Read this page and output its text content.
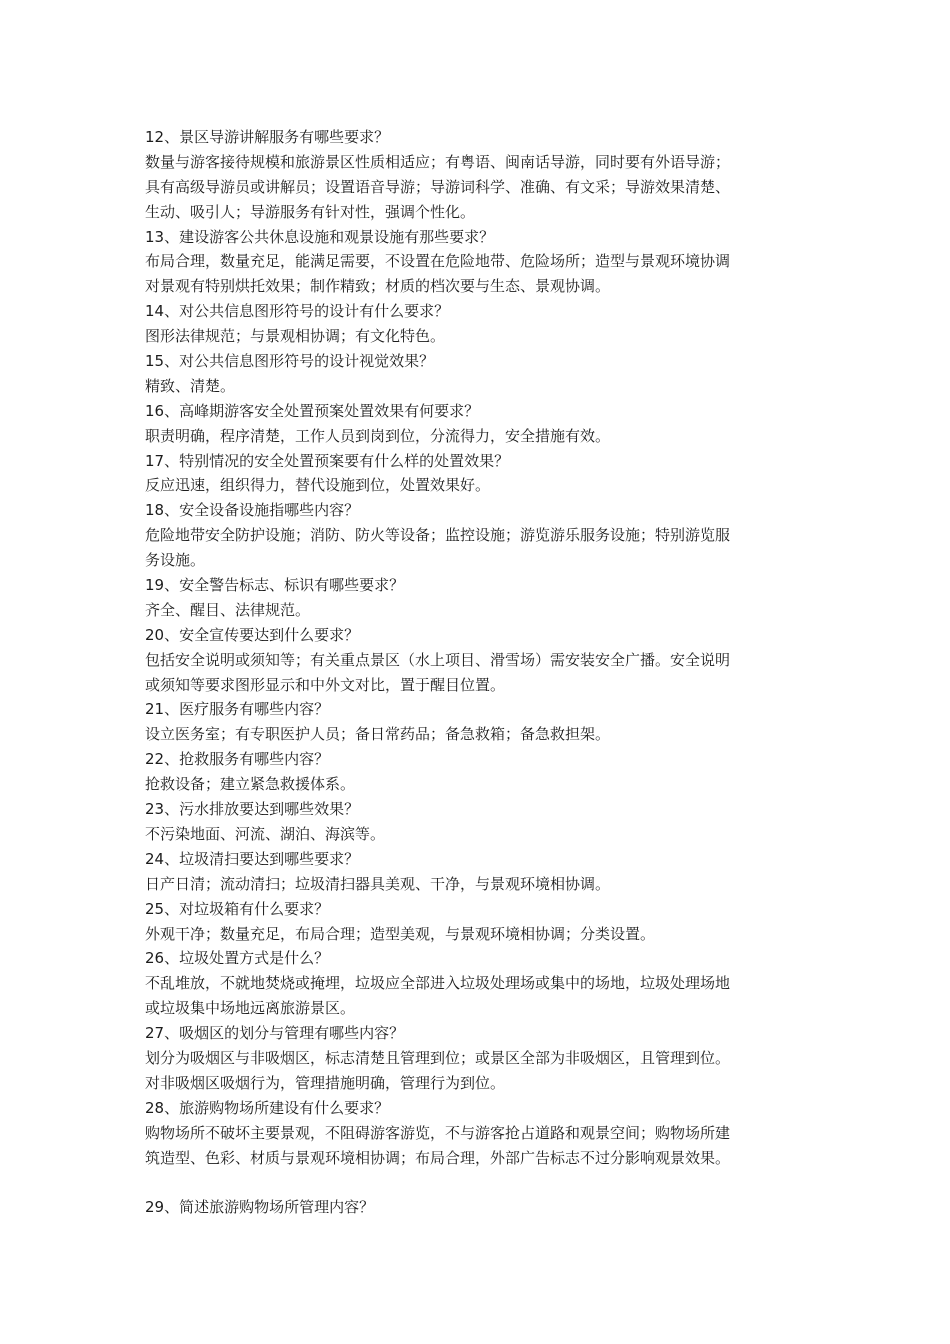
12、景区导游讲解服务有哪些要求？
数量与游客接待规模和旅游景区性质相适应；有粤语、闽南话导游，同时要有外语导游；
具有高级导游员或讲解员；设置语音导游；导游词科学、准确、有文采；导游效果清楚、
生动、吸引人；导游服务有针对性，强调个性化。
13、建设游客公共休息设施和观景设施有那些要求？
布局合理，数量充足，能满足需要，不设置在危险地带、危险场所；造型与景观环境协调
对景观有特别烘托效果；制作精致；材质的档次要与生态、景观协调。
14、对公共信息图形符号的设计有什么要求？
图形法律规范；与景观相协调；有文化特色。
15、对公共信息图形符号的设计视觉效果？
精致、清楚。
16、高峰期游客安全处置预案处置效果有何要求？
职责明确，程序清楚，工作人员到岗到位，分流得力，安全措施有效。
17、特别情况的安全处置预案要有什么样的处置效果？
反应迅速，组织得力，替代设施到位，处置效果好。
18、安全设备设施指哪些内容？
危险地带安全防护设施；消防、防火等设备；监控设施；游览游乐服务设施；特别游览服
务设施。
19、安全警告标志、标识有哪些要求？
齐全、醒目、法律规范。
20、安全宣传要达到什么要求？
包括安全说明或须知等；有关重点景区（水上项目、滑雪场）需安装安全广播。安全说明
或须知等要求图形显示和中外文对比，置于醒目位置。
21、医疗服务有哪些内容？
设立医务室；有专职医护人员；备日常药品；备急救箱；备急救担架。
22、抢救服务有哪些内容？
抢救设备；建立紧急救援体系。
23、污水排放要达到哪些效果？
不污染地面、河流、湖泊、海滨等。
24、垃圾清扫要达到哪些要求？
日产日清；流动清扫；垃圾清扫器具美观、干净，与景观环境相协调。
25、对垃圾箱有什么要求？
外观干净；数量充足，布局合理；造型美观，与景观环境相协调；分类设置。
26、垃圾处置方式是什么？
不乱堆放，不就地焚烧或掩埋，垃圾应全部进入垃圾处理场或集中的场地，垃圾处理场地
或垃圾集中场地远离旅游景区。
27、吸烟区的划分与管理有哪些内容？
划分为吸烟区与非吸烟区，标志清楚且管理到位；或景区全部为非吸烟区，且管理到位。
对非吸烟区吸烟行为，管理措施明确，管理行为到位。
28、旅游购物场所建设有什么要求？
购物场所不破坏主要景观，不阻碍游客游览，不与游客抢占道路和观景空间；购物场所建
筑造型、色彩、材质与景观环境相协调；布局合理，外部广告标志不过分影响观景效果。
29、简述旅游购物场所管理内容？
